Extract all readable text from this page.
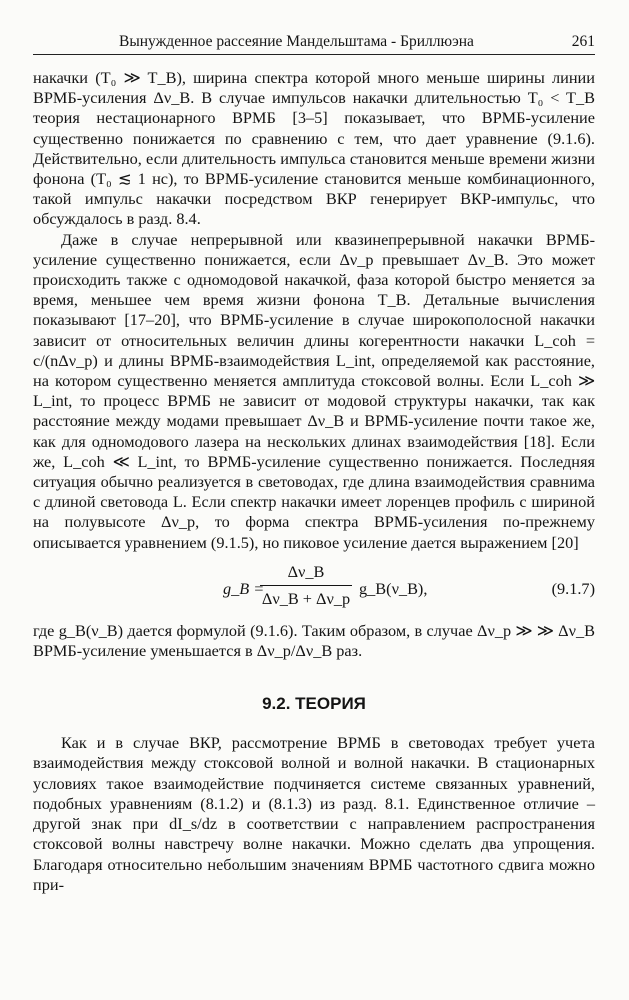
Вынужденное рассеяние Мандельштама - Бриллюэна	261

накачки (T₀ ≫ T_B), ширина спектра которой много меньше ширины линии ВРМБ-усиления Δν_B. В случае импульсов накачки длительностью T₀ < T_B теория нестационарного ВРМБ [3–5] показывает, что ВРМБ-усиление существенно понижается по сравнению с тем, что дает уравнение (9.1.6). Действительно, если длительность импульса становится меньше времени жизни фонона (T₀ ≲ 1 нс), то ВРМБ-усиление становится меньше комбинационного, такой импульс накачки посредством ВКР генерирует ВКР-импульс, что обсуждалось в разд. 8.4.

Даже в случае непрерывной или квазинепрерывной накачки ВРМБ-усиление существенно понижается, если Δν_p превышает Δν_B. Это может происходить также с одномодовой накачкой, фаза которой быстро меняется за время, меньшее чем время жизни фонона T_B. Детальные вычисления показывают [17–20], что ВРМБ-усиление в случае широкополосной накачки зависит от относительных величин длины когерентности накачки L_coh = c/(nΔν_p) и длины ВРМБ-взаимодействия L_int, определяемой как расстояние, на котором существенно меняется амплитуда стоксовой волны. Если L_coh ≫ L_int, то процесс ВРМБ не зависит от модовой структуры накачки, так как расстояние между модами превышает Δν_B и ВРМБ-усиление почти такое же, как для одномодового лазера на нескольких длинах взаимодействия [18]. Если же, L_coh ≪ L_int, то ВРМБ-усиление существенно понижается. Последняя ситуация обычно реализуется в световодах, где длина взаимодействия сравнима с длиной световода L. Если спектр накачки имеет лоренцев профиль с шириной на полувысоте Δν_p, то форма спектра ВРМБ-усиления по-прежнему описывается уравнением (9.1.5), но пиковое усиление дается выражением [20]

g_B =
Δν_B
Δν_B + Δν_p
g_B(ν_B),	(9.1.7)

где g_B(ν_B) дается формулой (9.1.6). Таким образом, в случае Δν_p ≫ ≫ Δν_B ВРМБ-усиление уменьшается в Δν_p/Δν_B раз.

9.2. ТЕОРИЯ

Как и в случае ВКР, рассмотрение ВРМБ в световодах требует учета взаимодействия между стоксовой волной и волной накачки. В стационарных условиях такое взаимодействие подчиняется системе связанных уравнений, подобных уравнениям (8.1.2) и (8.1.3) из разд. 8.1. Единственное отличие – другой знак при dI_s/dz в соответствии с направлением распространения стоксовой волны навстречу волне накачки. Можно сделать два упрощения. Благодаря относительно небольшим значениям ВРМБ частотного сдвига можно при-
